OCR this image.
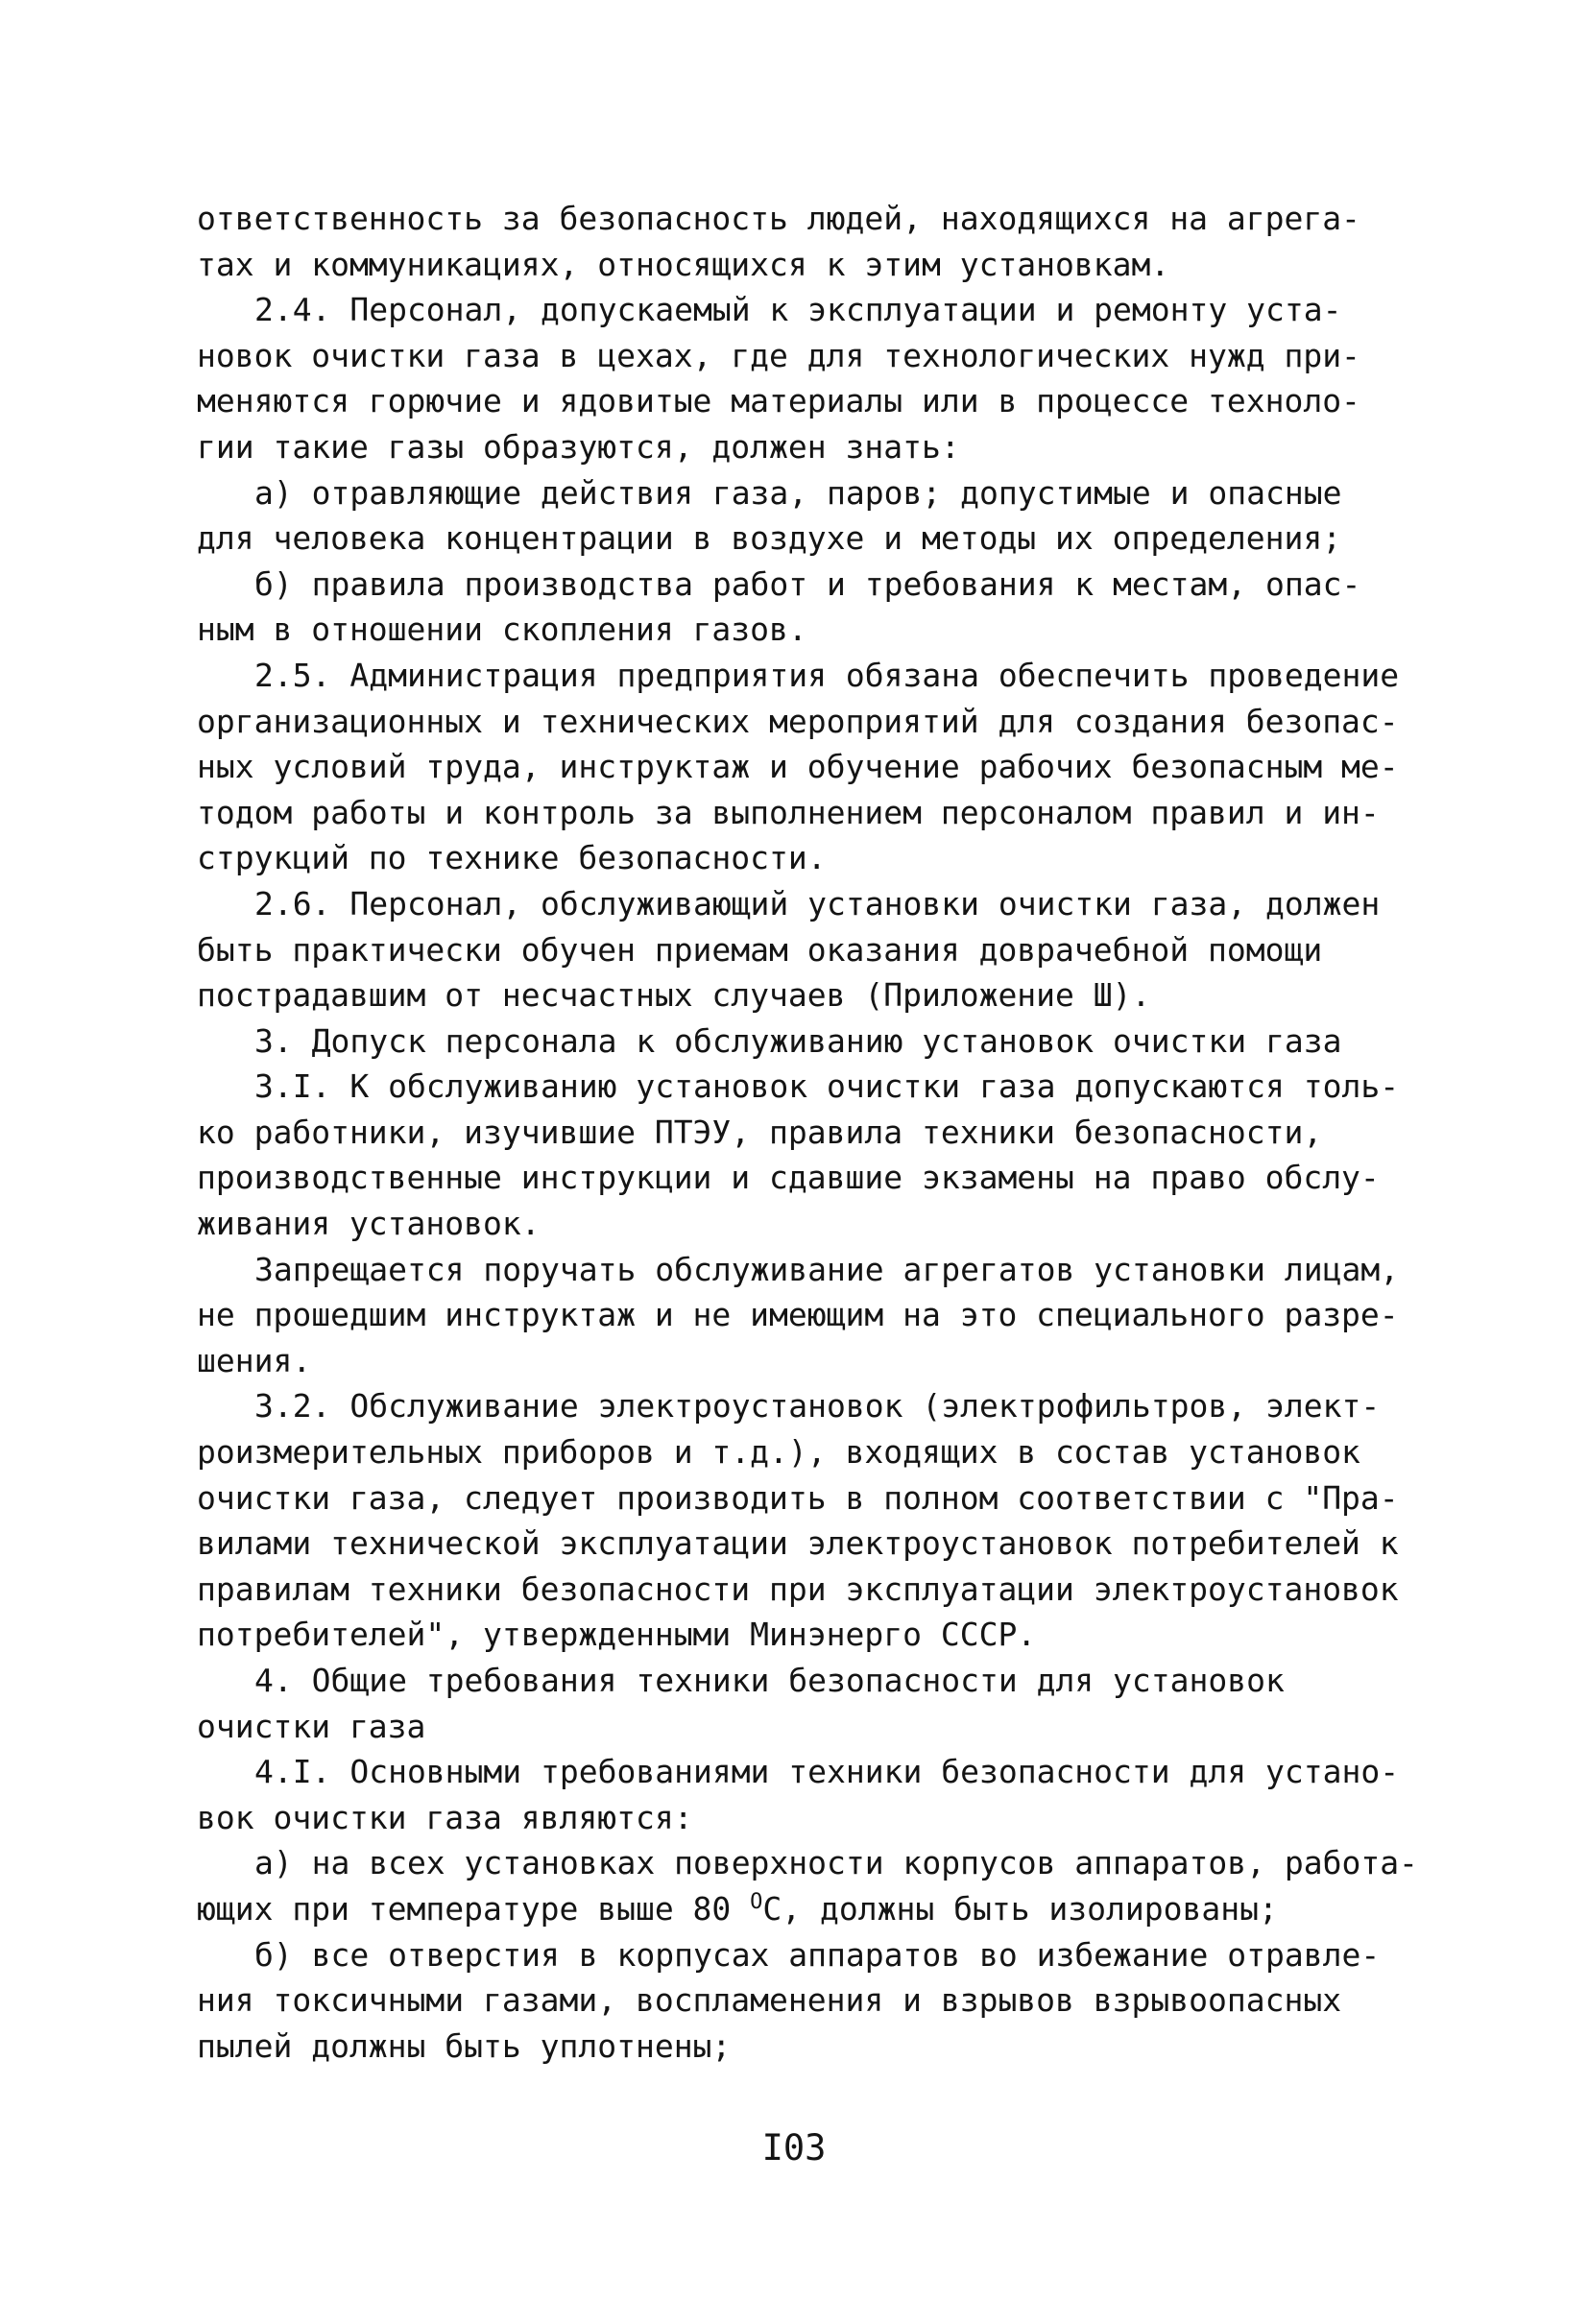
ответственность за безопасность людей, находящихся на агрега-
тах и коммуникациях, относящихся к этим установкам.
2.4. Персонал, допускаемый к эксплуатации и ремонту уста-
новок очистки газа в цехах, где для технологических нужд при-
меняются горючие и ядовитые материалы или в процессе техноло-
гии такие газы образуются, должен знать:
а) отравляющие действия газа, паров; допустимые и опасные
для человека концентрации в воздухе и методы их определения;
б) правила производства работ и требования к местам, опас-
ным в отношении скопления газов.
2.5. Администрация предприятия обязана обеспечить проведение
организационных и технических мероприятий для создания безопас-
ных условий труда, инструктаж и обучение рабочих безопасным ме-
тодом работы и контроль за выполнением персоналом правил и ин-
струкций по технике безопасности.
2.6. Персонал, обслуживающий установки очистки газа, должен
быть практически обучен приемам оказания доврачебной помощи
пострадавшим от несчастных случаев (Приложение Ш).
3. Допуск персонала к обслуживанию установок очистки газа
3.I. К обслуживанию установок очистки газа допускаются толь-
ко работники, изучившие ПТЭУ, правила техники безопасности,
производственные инструкции и сдавшие экзамены на право обслу-
живания установок.
Запрещается поручать обслуживание агрегатов установки лицам,
не прошедшим инструктаж и не имеющим на это специального разре-
шения.
3.2. Обслуживание электроустановок (электрофильтров, элект-
роизмерительных приборов и т.д.), входящих в состав установок
очистки газа, следует производить в полном соответствии с "Пра-
вилами технической эксплуатации электроустановок потребителей к
правилам техники безопасности при эксплуатации электроустановок
потребителей", утвержденными Минэнерго СССР.
4. Общие требования техники безопасности для установок
очистки газа
4.I. Основными требованиями техники безопасности для устано-
вок очистки газа являются:
а) на всех установках поверхности корпусов аппаратов, работа-
ющих при температуре выше 80 $^О$С, должны быть изолированы;
б) все отверстия в корпусах аппаратов во избежание отравле-
ния токсичными газами, воспламенения и взрывов взрывоопасных
пылей должны быть уплотнены;

I03
